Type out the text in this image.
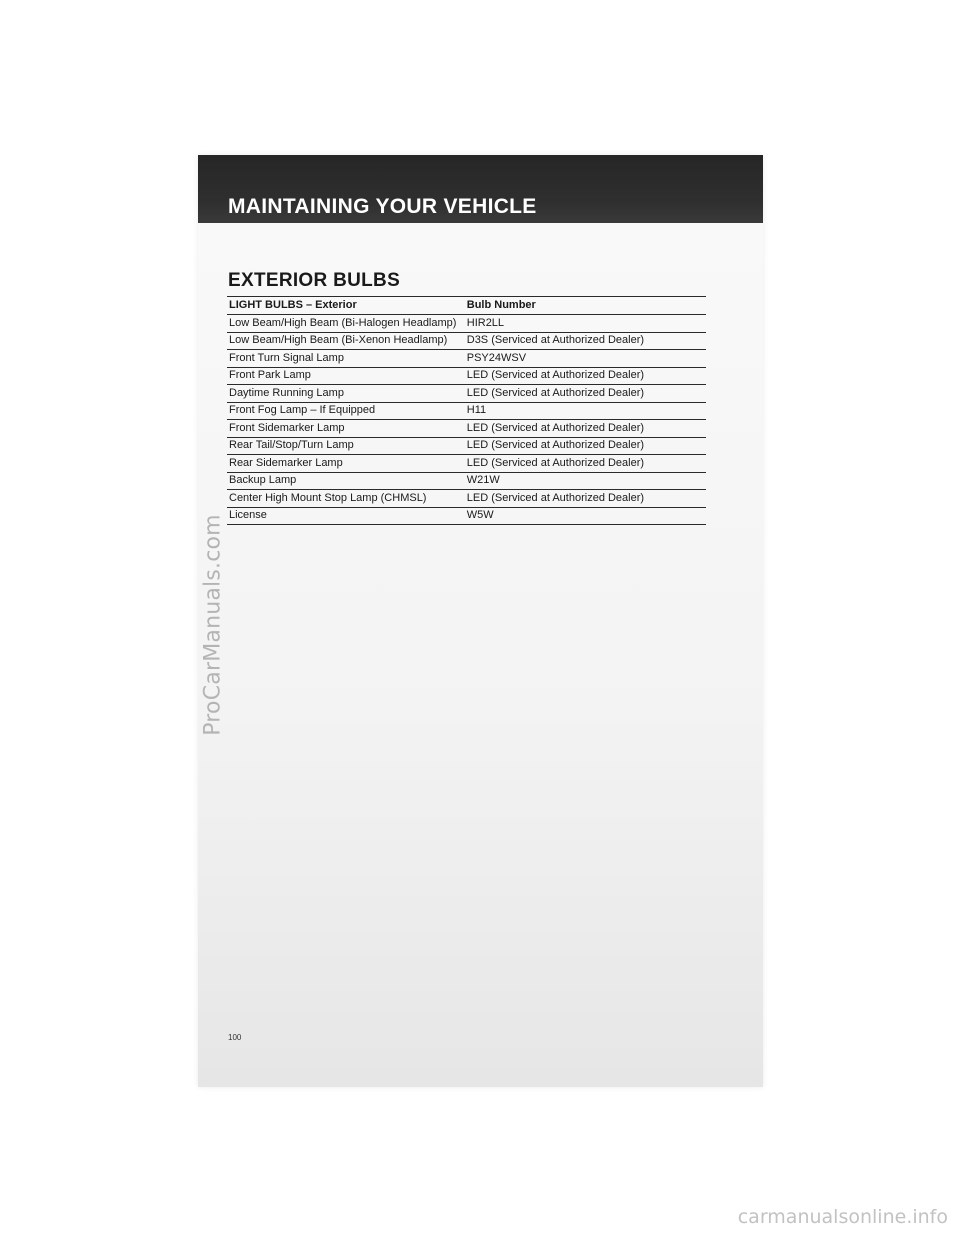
MAINTAINING YOUR VEHICLE
EXTERIOR BULBS
LIGHT BULBS – Exterior	Bulb Number
Low Beam/High Beam (Bi-Halogen Headlamp)	HIR2LL
Low Beam/High Beam (Bi-Xenon Headlamp)	D3S (Serviced at Authorized Dealer)
Front Turn Signal Lamp	PSY24WSV
Front Park Lamp	LED (Serviced at Authorized Dealer)
Daytime Running Lamp	LED (Serviced at Authorized Dealer)
Front Fog Lamp – If Equipped	H11
Front Sidemarker Lamp	LED (Serviced at Authorized Dealer)
Rear Tail/Stop/Turn Lamp	LED (Serviced at Authorized Dealer)
Rear Sidemarker Lamp	LED (Serviced at Authorized Dealer)
Backup Lamp	W21W
Center High Mount Stop Lamp (CHMSL)	LED (Serviced at Authorized Dealer)
License	W5W
100
ProCarManuals.com
carmanualsonline.info
